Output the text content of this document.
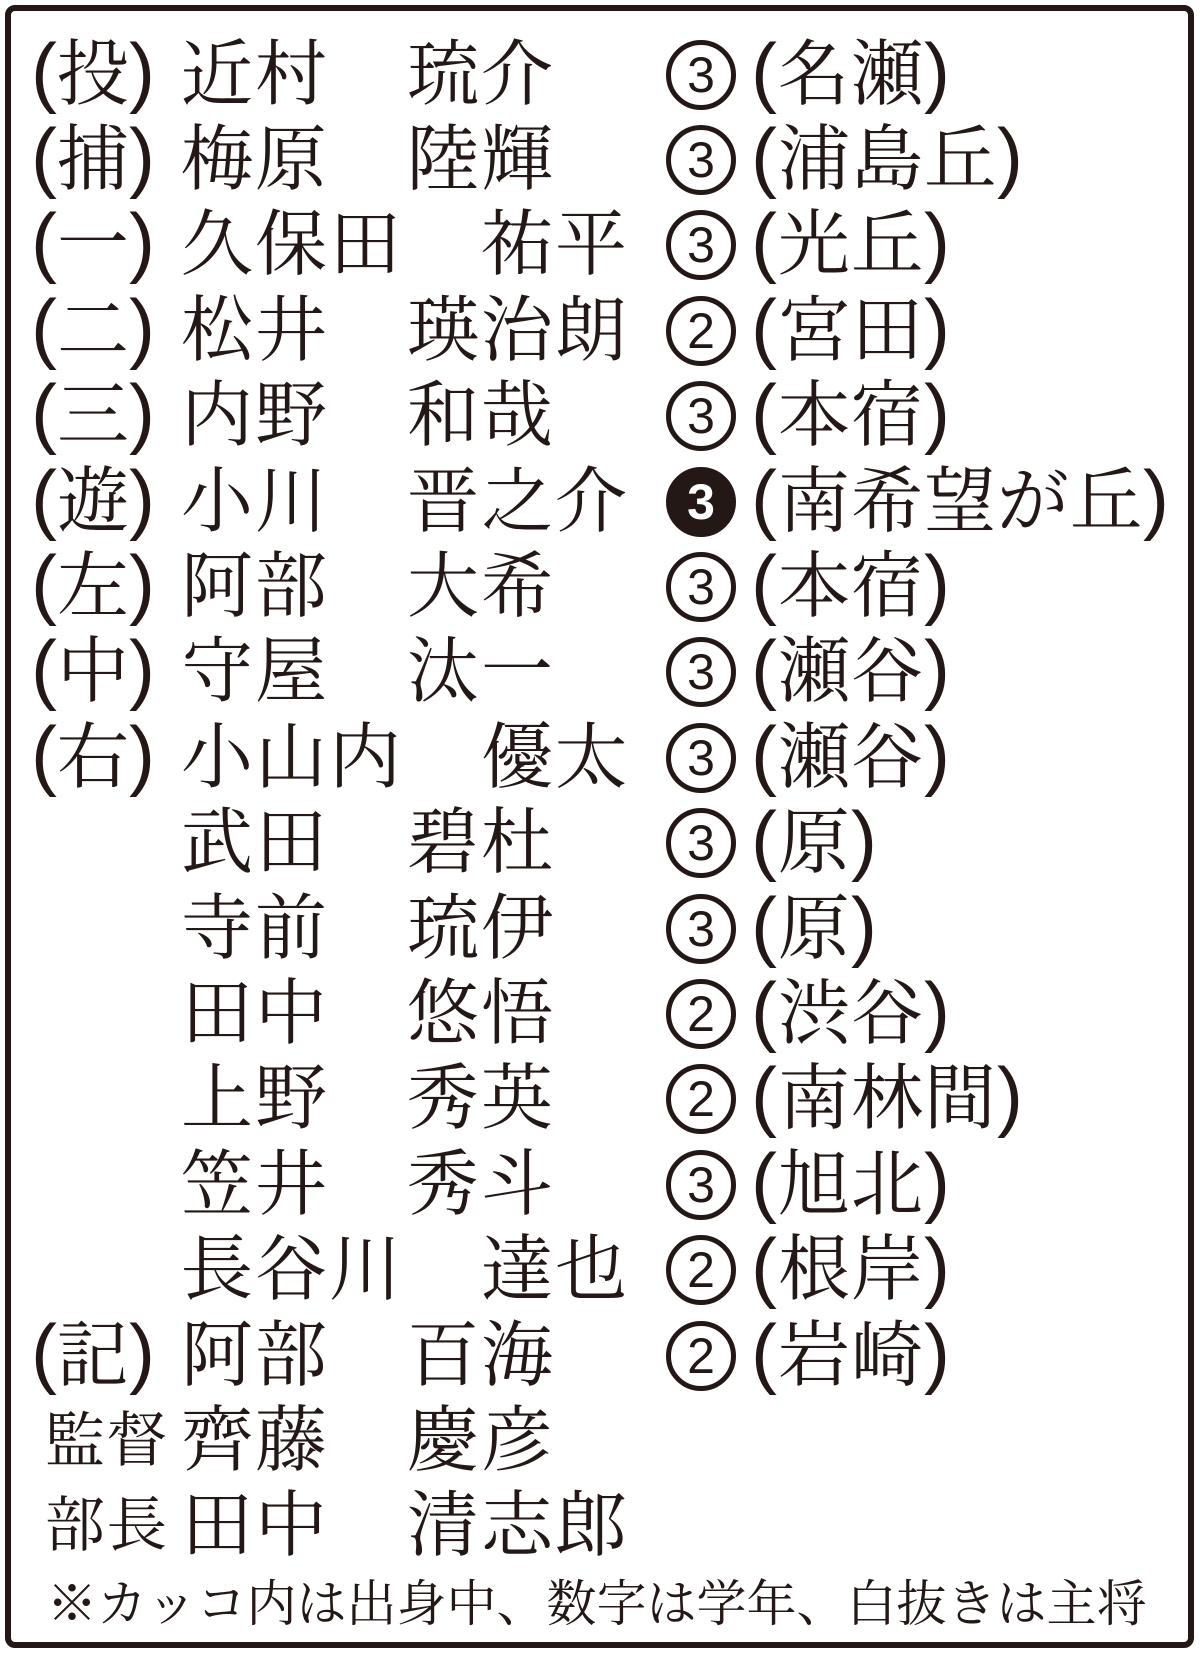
( 投 ) 近村 琉介	3 ( 名瀬 )
( 捕 ) 梅原 陸輝	3 ( 浦島丘 )
( 一 ) 久保田 祐平	3 ( 光丘 )
( 二 ) 松井 瑛治朗	2 ( 宮田 )
( 三 ) 内野 和哉	3 ( 本宿 )
( 遊 ) 小川 晋之介	3 ( 南希望が丘 )
( 左 ) 阿部 大希	3 ( 本宿 )
( 中 ) 守屋 汰一	3 ( 瀬谷 )
( 右 ) 小山内 優太	3 ( 瀬谷 )
武田 碧杜	3 ( 原 )
寺前 琉伊	3 ( 原 )
田中 悠悟	2 ( 渋谷 )
上野 秀英	2 ( 南林間 )
笠井 秀斗	3 ( 旭北 )
長谷川 達也	2 ( 根岸 )
( 記 ) 阿部 百海	2 ( 岩崎 )
監督 齊藤 慶彦
部長 田中 清志郎
※カッコ内は出身中、数字は学年、白抜きは主将
